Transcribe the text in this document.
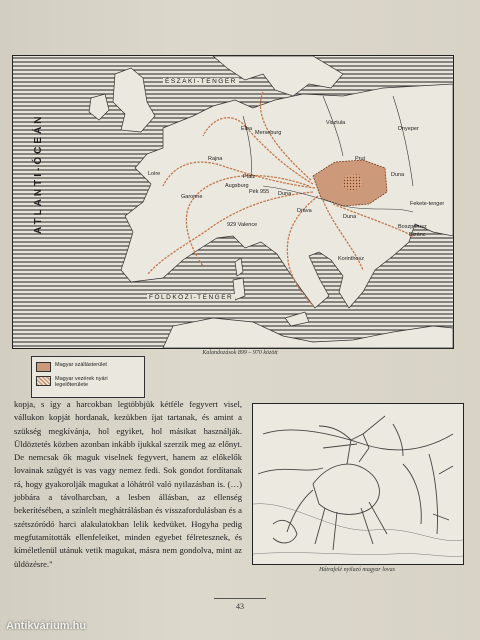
ATLANTI-ÓCEÁN
ÉSZAKI-TENGER
FÖLDKÖZI-TENGER
Elba
Merseburg
Visztula
Dnyeper
Prut
Loire
Rajna
Augsburg
Pfalz
Pék 955 Duna
Dráva
Duna
Garonne
929 Valence
Fekete-tenger
Boszporusz
Bizánc
Duna
Korinthosz
Magyar szállásterület
Magyar vezérek nyári legelőterülete
Kalandozások 899 – 970 között

kopja, s így a harcokban legtöbbjük kétféle fegyvert visel, vállukon kopját hordanak, kezükben íjat tartanak, és amint a szükség megkívánja, hol egyiket, hol másikat használják. Üldöztetés közben azonban inkább íjukkal szerzik meg az előnyt. De nemcsak ők maguk viselnek fegyvert, hanem az előkelők lovainak szügyét is vas vagy nemez fedi. Sok gondot fordítanak rá, hogy gyakorolják magukat a lóhátról való nyilazásban is. (…) jobbára a távolharcban, a lesben állásban, az ellenség bekerítésében, a színlelt meghátrálásban és visszafordulásban és a szétszóródó harci alakulatokban lelik kedvüket. Hogyha pedig megfutamították ellenfeleiket, minden egyebet félretesznek, és kíméletlenül utánuk vetik magukat, másra nem gondolva, mint az üldözésre."

Hátrafelé nyilazó magyar lovas
43
Antikvárium.hu
